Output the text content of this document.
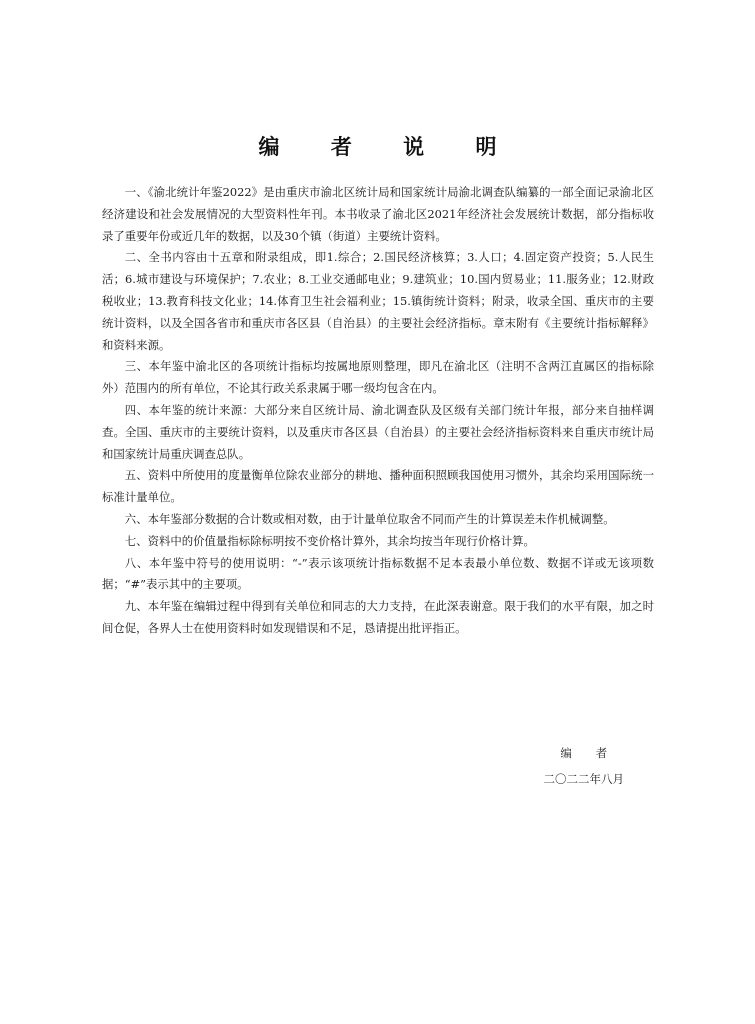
编 者 说 明

一、《渝北统计年鉴2022》是由重庆市渝北区统计局和国家统计局渝北调查队编纂的一部全面记录渝北区经济建设和社会发展情况的大型资料性年刊。本书收录了渝北区2021年经济社会发展统计数据，部分指标收录了重要年份或近几年的数据，以及30个镇（街道）主要统计资料。

二、全书内容由十五章和附录组成，即1.综合；2.国民经济核算；3.人口；4.固定资产投资；5.人民生活；6.城市建设与环境保护；7.农业；8.工业交通邮电业；9.建筑业；10.国内贸易业；11.服务业；12.财政税收业；13.教育科技文化业；14.体育卫生社会福利业；15.镇街统计资料；附录，收录全国、重庆市的主要统计资料，以及全国各省市和重庆市各区县（自治县）的主要社会经济指标。章末附有《主要统计指标解释》和资料来源。

三、本年鉴中渝北区的各项统计指标均按属地原则整理，即凡在渝北区（注明不含两江直属区的指标除外）范围内的所有单位，不论其行政关系隶属于哪一级均包含在内。

四、本年鉴的统计来源：大部分来自区统计局、渝北调查队及区级有关部门统计年报，部分来自抽样调查。全国、重庆市的主要统计资料，以及重庆市各区县（自治县）的主要社会经济指标资料来自重庆市统计局和国家统计局重庆调查总队。

五、资料中所使用的度量衡单位除农业部分的耕地、播种面积照顾我国使用习惯外，其余均采用国际统一标准计量单位。

六、本年鉴部分数据的合计数或相对数，由于计量单位取舍不同而产生的计算误差未作机械调整。

七、资料中的价值量指标除标明按不变价格计算外，其余均按当年现行价格计算。

八、本年鉴中符号的使用说明：“-”表示该项统计指标数据不足本表最小单位数、数据不详或无该项数据；“#”表示其中的主要项。

九、本年鉴在编辑过程中得到有关单位和同志的大力支持，在此深表谢意。限于我们的水平有限，加之时间仓促，各界人士在使用资料时如发现错误和不足，恳请提出批评指正。

编 者
二〇二二年八月
